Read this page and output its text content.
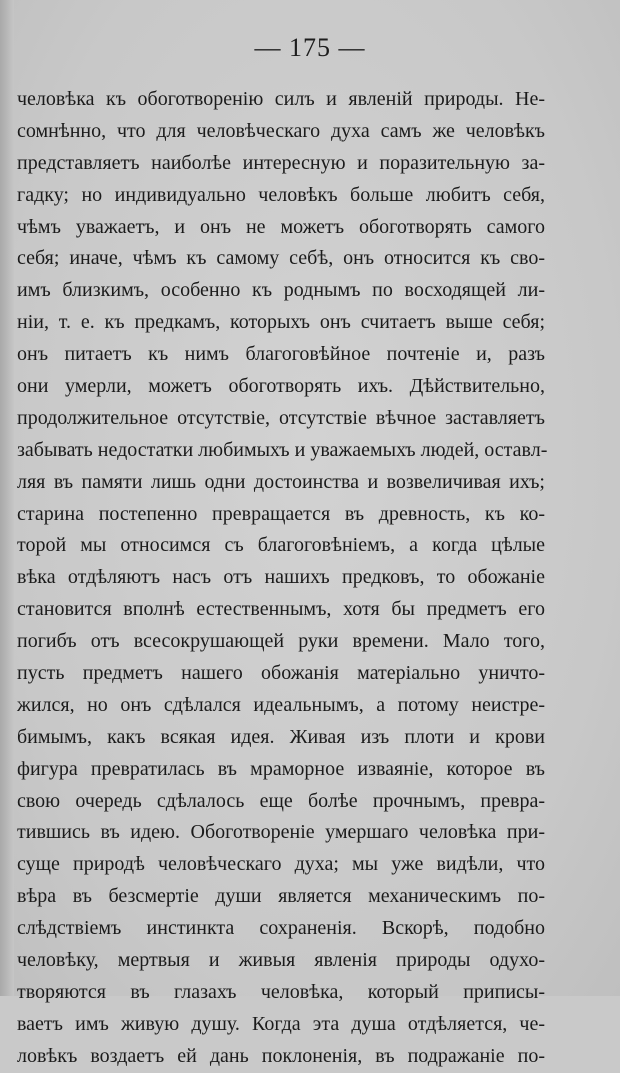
— 175 —
человѣка къ обоготворенію силъ и явленій природы. Не-
сомнѣнно, что для человѣческаго духа самъ же человѣкъ
представляетъ наиболѣе интересную и поразительную за-
гадку; но индивидуально человѣкъ больше любитъ себя,
чѣмъ уважаетъ, и онъ не можетъ обоготворять самого
себя; иначе, чѣмъ къ самому себѣ, онъ относится къ сво-
имъ близкимъ, особенно къ роднымъ по восходящей ли-
ніи, т. е. къ предкамъ, которыхъ онъ считаетъ выше себя;
онъ питаетъ къ нимъ благоговѣйное почтеніе и, разъ
они умерли, можетъ обоготворять ихъ. Дѣйствительно,
продолжительное отсутствіе, отсутствіе вѣчное заставляетъ
забывать недостатки любимыхъ и уважаемыхъ людей, оставл-
ляя въ памяти лишь одни достоинства и возвеличивая ихъ;
старина постепенно превращается въ древность, къ ко-
торой мы относимся съ благоговѣніемъ, а когда цѣлые
вѣка отдѣляютъ насъ отъ нашихъ предковъ, то обожаніе
становится вполнѣ естественнымъ, хотя бы предметъ его
погибъ отъ всесокрушающей руки времени. Мало того,
пусть предметъ нашего обожанія матеріально уничто-
жился, но онъ сдѣлался идеальнымъ, а потому неистре-
бимымъ, какъ всякая идея. Живая изъ плоти и крови
фигура превратилась въ мраморное изваяніе, которое въ
свою очередь сдѣлалось еще болѣе прочнымъ, превра-
тившись въ идею. Обоготвореніе умершаго человѣка при-
суще природѣ человѣческаго духа; мы уже видѣли, что
вѣра въ безсмертіе души является механическимъ по-
слѣдствіемъ инстинкта сохраненія. Вскорѣ, подобно
человѣку, мертвыя и живыя явленія природы одухо-
творяются въ глазахъ человѣка, который приписы-
ваетъ имъ живую душу. Когда эта душа отдѣляется, че-
ловѣкъ воздаетъ ей дань поклоненія, въ подражаніе по-
